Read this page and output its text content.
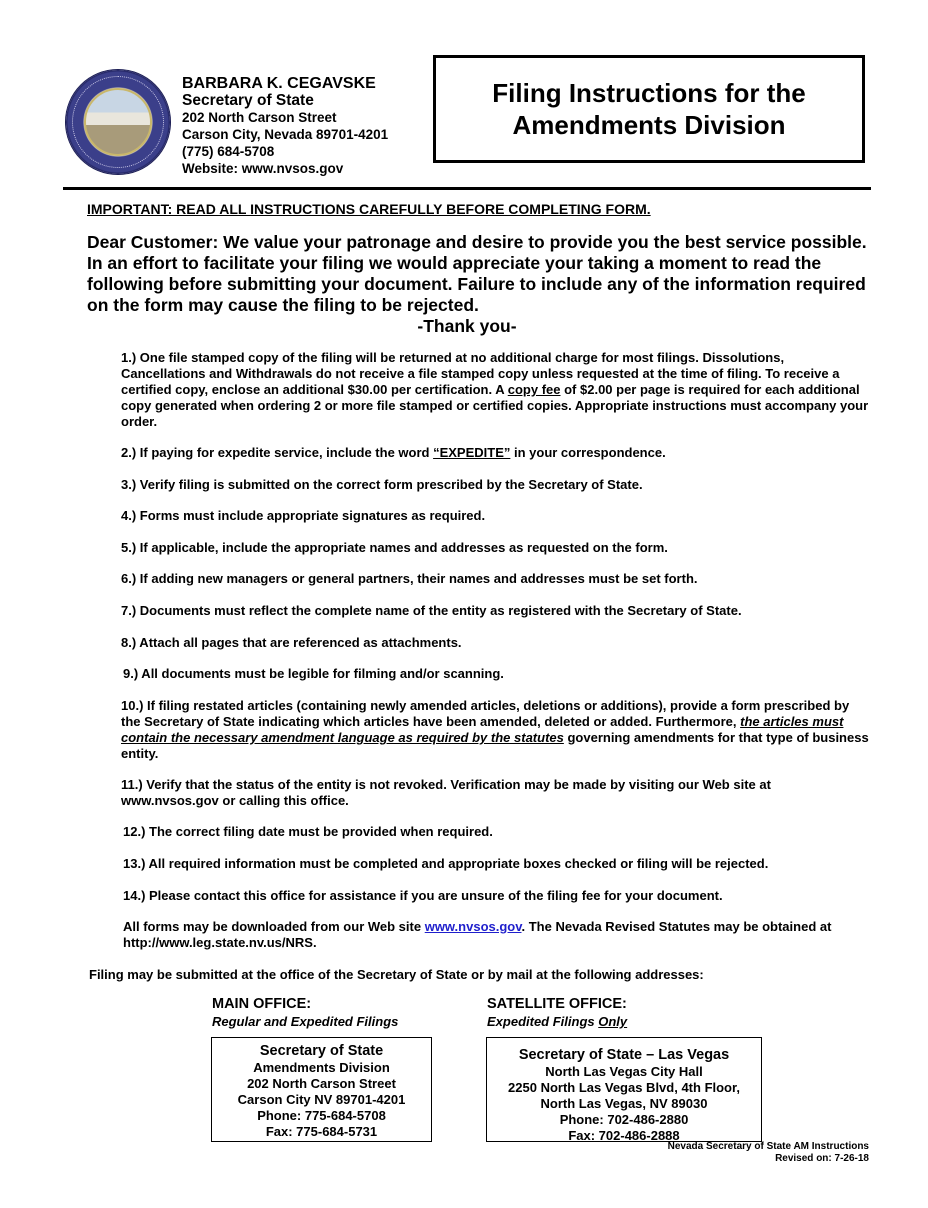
BARBARA K. CEGAVSKE
Secretary of State
202 North Carson Street
Carson City, Nevada 89701-4201
(775) 684-5708
Website: www.nvsos.gov
Filing Instructions for the
Amendments Division
IMPORTANT: READ ALL INSTRUCTIONS CAREFULLY BEFORE COMPLETING FORM.
Dear Customer: We value your patronage and desire to provide you the best service possible. In an effort to facilitate your filing we would appreciate your taking a moment to read the following before submitting your document. Failure to include any of the information required on the form may cause the filing to be rejected.
-Thank you-
1.) One file stamped copy of the filing will be returned at no additional charge for most filings. Dissolutions, Cancellations and Withdrawals do not receive a file stamped copy unless requested at the time of filing. To receive a certified copy, enclose an additional $30.00 per certification. A copy fee of $2.00 per page is required for each additional copy generated when ordering 2 or more file stamped or certified copies. Appropriate instructions must accompany your order.
2.) If paying for expedite service, include the word “EXPEDITE” in your correspondence.
3.) Verify filing is submitted on the correct form prescribed by the Secretary of State.
4.) Forms must include appropriate signatures as required.
5.) If applicable, include the appropriate names and addresses as requested on the form.
6.) If adding new managers or general partners, their names and addresses must be set forth.
7.) Documents must reflect the complete name of the entity as registered with the Secretary of State.
8.) Attach all pages that are referenced as attachments.
9.) All documents must be legible for filming and/or scanning.
10.) If filing restated articles (containing newly amended articles, deletions or additions), provide a form prescribed by the Secretary of State indicating which articles have been amended, deleted or added. Furthermore, the articles must contain the necessary amendment language as required by the statutes governing amendments for that type of business entity.
11.) Verify that the status of the entity is not revoked. Verification may be made by visiting our Web site at www.nvsos.gov or calling this office.
12.) The correct filing date must be provided when required.
13.) All required information must be completed and appropriate boxes checked or filing will be rejected.
14.) Please contact this office for assistance if you are unsure of the filing fee for your document.
All forms may be downloaded from our Web site www.nvsos.gov. The Nevada Revised Statutes may be obtained at http://www.leg.state.nv.us/NRS.
Filing may be submitted at the office of the Secretary of State or by mail at the following addresses:
MAIN OFFICE:
Regular and Expedited Filings
Secretary of State
Amendments Division
202 North Carson Street
Carson City NV 89701-4201
Phone: 775-684-5708
Fax: 775-684-5731
SATELLITE OFFICE:
Expedited Filings Only
Secretary of State – Las Vegas
North Las Vegas City Hall
2250 North Las Vegas Blvd, 4th Floor,
North Las Vegas, NV 89030
Phone: 702-486-2880
Fax: 702-486-2888
Nevada Secretary of State AM Instructions
Revised on: 7-26-18
